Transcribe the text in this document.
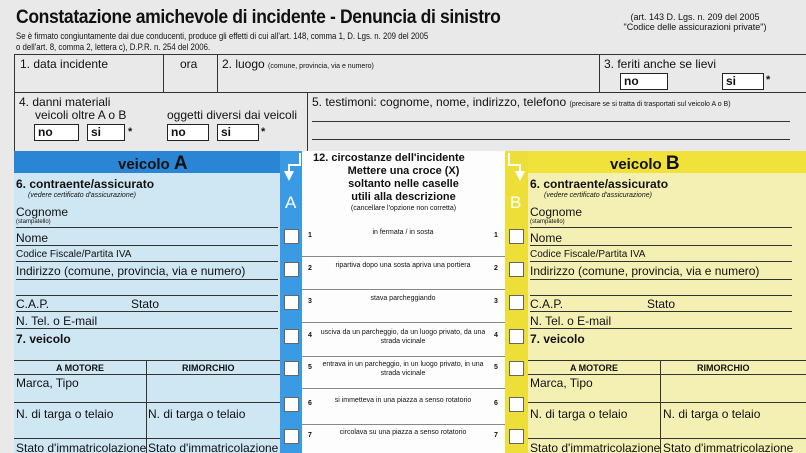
Constatazione amichevole di incidente - Denuncia di sinistro
Se è firmato congiuntamente dai due conducenti, produce gli effetti di cui all'art. 148, comma 1, D. Lgs. n. 209 del 2005
o dell'art. 8, comma 2, lettera c), D.P.R. n. 254 del 2006.
(art. 143 D. Lgs. n. 209 del 2005
"Codice delle assicurazioni private")
1. data incidente	ora 2. luogo (comune, provincia, via e numero)	3. feriti anche se lievi
no	si	*
4. danni materiali
veicoli oltre A o B	oggetti diversi dai veicoli
no	si	*	no	si	*
5. testimoni: cognome, nome, indirizzo, telefono (precisare se si tratta di trasportati sul veicolo A o B)
veicolo A	veicolo B
A	B
12. circostanze dell'incidente
Mettere una croce (X)
soltanto nelle caselle
utili alla descrizione
(cancellare l'opzione non corretta)
1	1
in fermata / in sosta
2	2
ripartiva dopo una sosta apriva una portiera
3	3
stava parcheggiando
4	4
usciva da un parcheggio, da un luogo privato, da una strada vicinale
5	5
entrava in un parcheggio, in un luogo privato, in una strada vicinale
6	6
si immetteva in una piazza a senso rotatorio
7	7
circolava su una piazza a senso rotatorio
6. contraente/assicurato
(vedere certificato d'assicurazione)
Cognome
(stampatello)
Nome
Codice Fiscale/Partita IVA
Indirizzo (comune, provincia, via e numero)
C.A.P.	Stato
N. Tel. o E-mail
7. veicolo
A MOTORE	RIMORCHIO
Marca, Tipo
N. di targa o telaio	N. di targa o telaio
Stato d'immatricolazione Stato d'immatricolazione
6. contraente/assicurato
(vedere certificato d'assicurazione)
Cognome
(stampatello)
Nome
Codice Fiscale/Partita IVA
Indirizzo (comune, provincia, via e numero)
C.A.P.	Stato
N. Tel. o E-mail
7. veicolo
A MOTORE	RIMORCHIO
Marca, Tipo
N. di targa o telaio	N. di targa o telaio
Stato d'immatricolazione Stato d'immatricolazione
